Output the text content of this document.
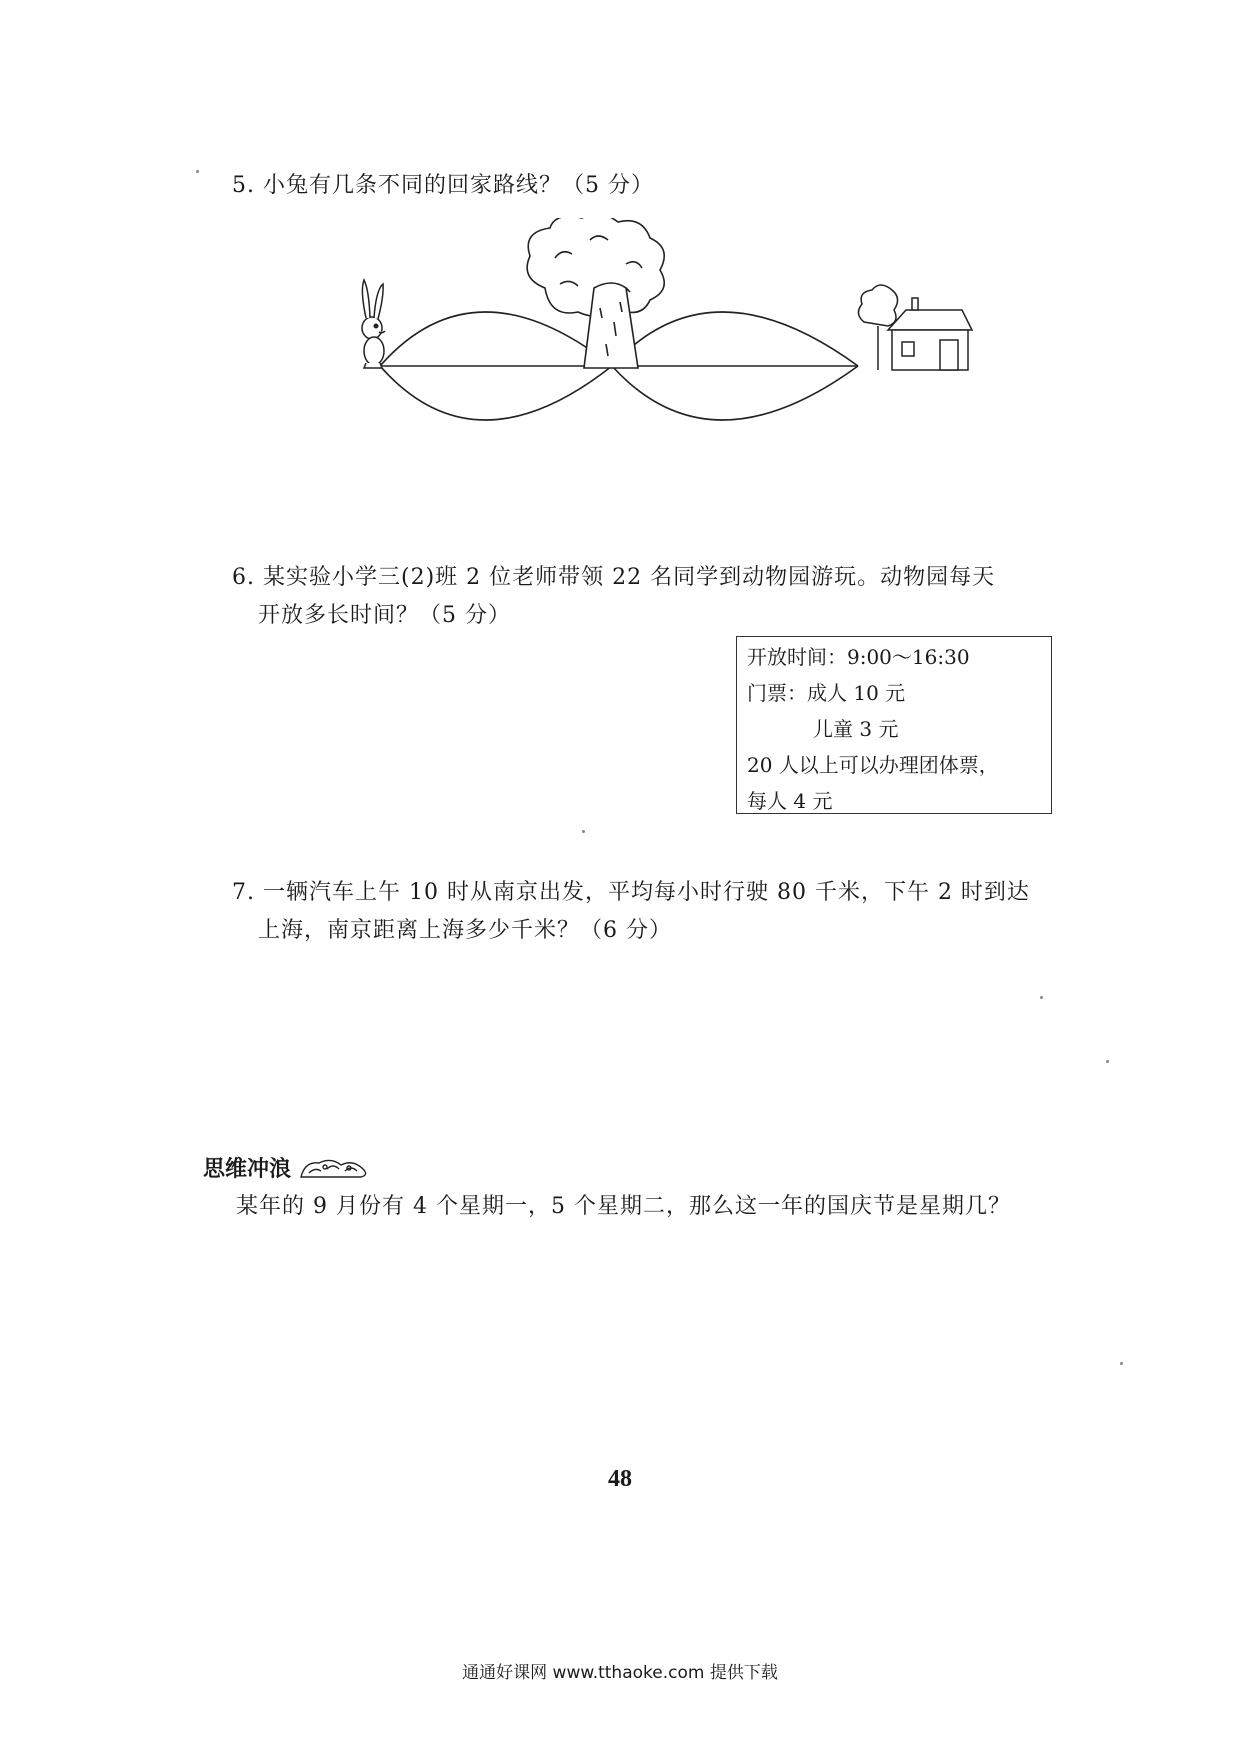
5. 小兔有几条不同的回家路线？（5 分）
6. 某实验小学三(2)班 2 位老师带领 22 名同学到动物园游玩。动物园每天
开放多长时间？（5 分）
开放时间：9:00～16:30
门票：成人 10 元
儿童 3 元
20 人以上可以办理团体票，
每人 4 元
7. 一辆汽车上午 10 时从南京出发，平均每小时行驶 80 千米，下午 2 时到达
上海，南京距离上海多少千米？（6 分）
思维冲浪
某年的 9 月份有 4 个星期一，5 个星期二，那么这一年的国庆节是星期几？
48
通通好课网 www.tthaoke.com 提供下载
